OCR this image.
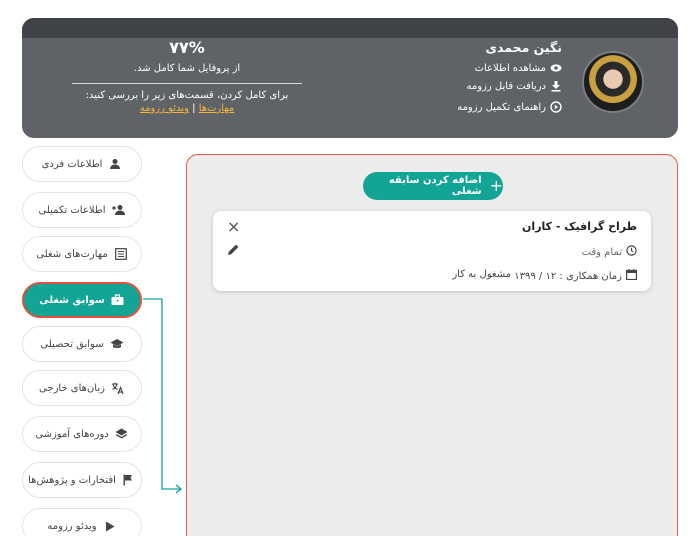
نگین محمدی
مشاهده اطلاعات
دریافت فایل رزومه
راهنمای تکمیل رزومه
۷۷%
از پروفایل شما کامل شد.
برای کامل کردن، قسمت‌های زیر را بررسی کنید:
مهارت‌ها | ویدئو رزومه
اطلاعات فردی
اطلاعات تکمیلی
مهارت‌های شغلی
سوابق شغلی
سوابق تحصیلی
زبان‌های خارجی
دوره‌های آموزشی
افتخارات و پژوهش‌ها
ویدئو رزومه
اضافه کردن سابقه شغلی +
طراح گرافیک - کاران
تمام وقت
زمان همکاری : ۱۲ / ۱۳۹۹
مشغول به کار
×
